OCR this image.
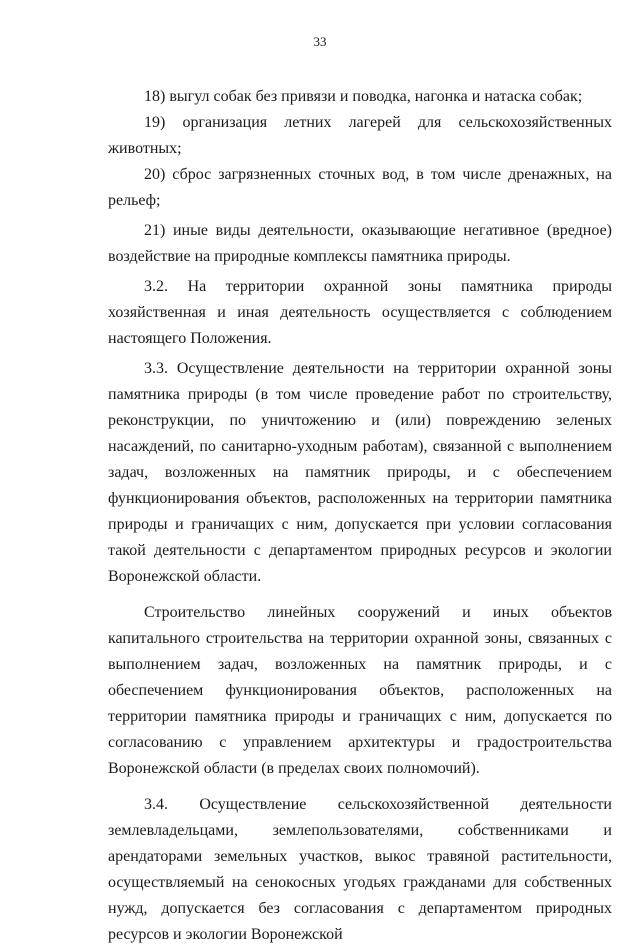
33

18) выгул собак без привязи и поводка, нагонка и натаска собак;

19) организация летних лагерей для сельскохозяйственных животных;

20) сброс загрязненных сточных вод, в том числе дренажных, на рельеф;

21) иные виды деятельности, оказывающие негативное (вредное) воздействие на природные комплексы памятника природы.

3.2. На территории охранной зоны памятника природы хозяйственная и иная деятельность осуществляется с соблюдением настоящего Положения.

3.3. Осуществление деятельности на территории охранной зоны памятника природы (в том числе проведение работ по строительству, реконструкции, по уничтожению и (или) повреждению зеленых насаждений, по санитарно-уходным работам), связанной с выполнением задач, возложенных на памятник природы, и с обеспечением функционирования объектов, расположенных на территории памятника природы и граничащих с ним, допускается при условии согласования такой деятельности с департаментом природных ресурсов и экологии Воронежской области.

Строительство линейных сооружений и иных объектов капитального строительства на территории охранной зоны, связанных с выполнением задач, возложенных на памятник природы, и с обеспечением функционирования объектов, расположенных на территории памятника природы и граничащих с ним, допускается по согласованию с управлением архитектуры и градостроительства Воронежской области (в пределах своих полномочий).

3.4. Осуществление сельскохозяйственной деятельности землевладельцами, землепользователями, собственниками и арендаторами земельных участков, выкос травяной растительности, осуществляемый на сенокосных угодьях гражданами для собственных нужд, допускается без согласования с департаментом природных ресурсов и экологии Воронежской
